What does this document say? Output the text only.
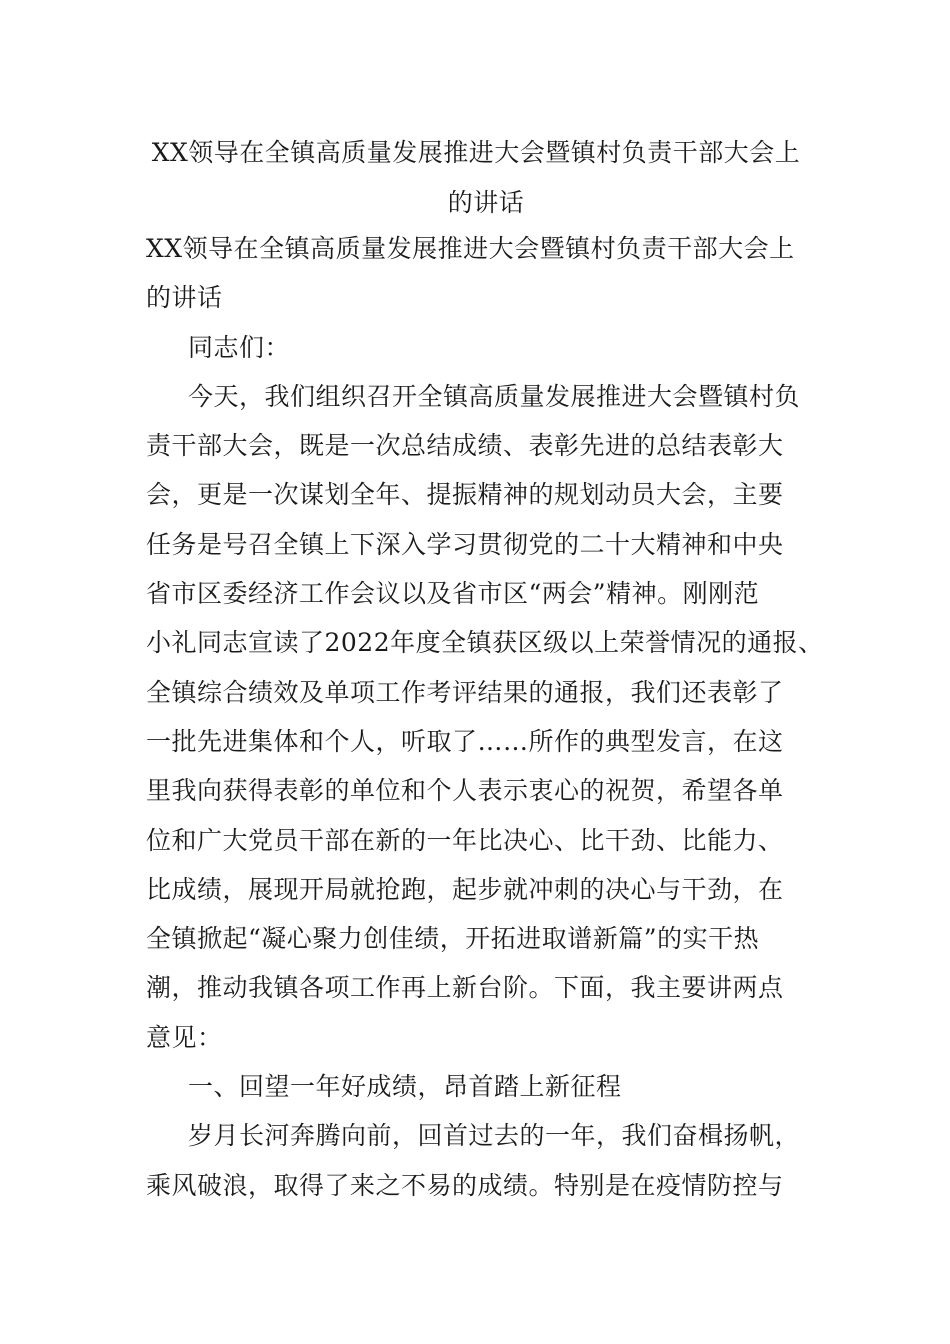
XX领导在全镇高质量发展推进大会暨镇村负责干部大会上
的讲话
XX领导在全镇高质量发展推进大会暨镇村负责干部大会上
的讲话
同志们：
今天，我们组织召开全镇高质量发展推进大会暨镇村负
责干部大会，既是一次总结成绩、表彰先进的总结表彰大
会，更是一次谋划全年、提振精神的规划动员大会，主要
任务是号召全镇上下深入学习贯彻党的二十大精神和中央
省市区委经济工作会议以及省市区“两会”精神。刚刚范
小礼同志宣读了2022年度全镇获区级以上荣誉情况的通报、
全镇综合绩效及单项工作考评结果的通报，我们还表彰了
一批先进集体和个人，听取了……所作的典型发言，在这
里我向获得表彰的单位和个人表示衷心的祝贺，希望各单
位和广大党员干部在新的一年比决心、比干劲、比能力、
比成绩，展现开局就抢跑，起步就冲刺的决心与干劲，在
全镇掀起“凝心聚力创佳绩，开拓进取谱新篇”的实干热
潮，推动我镇各项工作再上新台阶。下面，我主要讲两点
意见：
一、回望一年好成绩，昂首踏上新征程
岁月长河奔腾向前，回首过去的一年，我们奋楫扬帆，
乘风破浪，取得了来之不易的成绩。特别是在疫情防控与
